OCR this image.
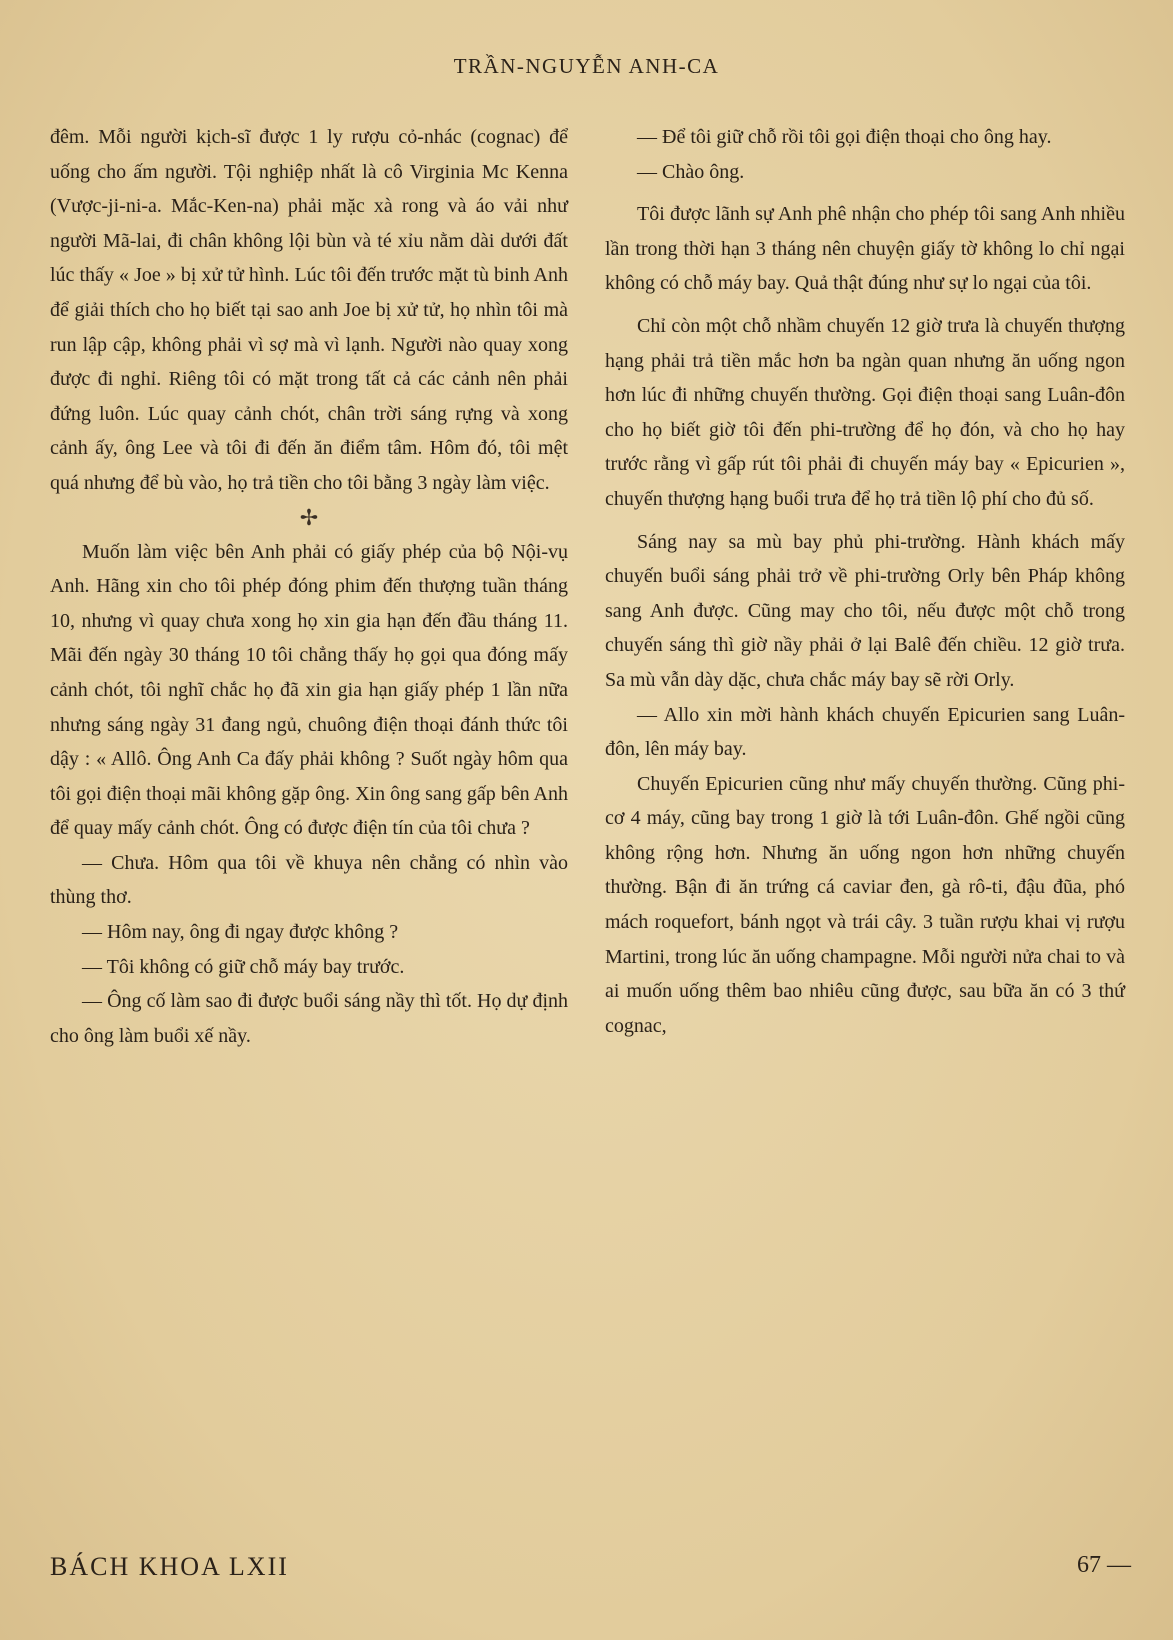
TRẦN-NGUYỄN ANH-CA

đêm. Mỗi người kịch-sĩ được 1 ly rượu cỏ-nhác (cognac) để uống cho ấm người. Tội nghiệp nhất là cô Virginia Mc Kenna (Vược-ji-ni-a. Mắc-Ken-na) phải mặc xà rong và áo vải như người Mã-lai, đi chân không lội bùn và té xỉu nằm dài dưới đất lúc thấy « Joe » bị xử tử hình. Lúc tôi đến trước mặt tù binh Anh để giải thích cho họ biết tại sao anh Joe bị xử tử, họ nhìn tôi mà run lập cập, không phải vì sợ mà vì lạnh. Người nào quay xong được đi nghỉ. Riêng tôi có mặt trong tất cả các cảnh nên phải đứng luôn. Lúc quay cảnh chót, chân trời sáng rựng và xong cảnh ấy, ông Lee và tôi đi đến ăn điểm tâm. Hôm đó, tôi mệt quá nhưng để bù vào, họ trả tiền cho tôi bằng 3 ngày làm việc.

✢

Muốn làm việc bên Anh phải có giấy phép của bộ Nội-vụ Anh. Hãng xin cho tôi phép đóng phim đến thượng tuần tháng 10, nhưng vì quay chưa xong họ xin gia hạn đến đầu tháng 11. Mãi đến ngày 30 tháng 10 tôi chẳng thấy họ gọi qua đóng mấy cảnh chót, tôi nghĩ chắc họ đã xin gia hạn giấy phép 1 lần nữa nhưng sáng ngày 31 đang ngủ, chuông điện thoại đánh thức tôi dậy : « Allô. Ông Anh Ca đấy phải không ? Suốt ngày hôm qua tôi gọi điện thoại mãi không gặp ông. Xin ông sang gấp bên Anh để quay mấy cảnh chót. Ông có được điện tín của tôi chưa ?

— Chưa. Hôm qua tôi về khuya nên chẳng có nhìn vào thùng thơ.

— Hôm nay, ông đi ngay được không ?

— Tôi không có giữ chỗ máy bay trước.

— Ông cố làm sao đi được buổi sáng nầy thì tốt. Họ dự định cho ông làm buổi xế nầy.

— Để tôi giữ chỗ rồi tôi gọi điện thoại cho ông hay.

— Chào ông.

Tôi được lãnh sự Anh phê nhận cho phép tôi sang Anh nhiều lần trong thời hạn 3 tháng nên chuyện giấy tờ không lo chỉ ngại không có chỗ máy bay. Quả thật đúng như sự lo ngại của tôi.

Chỉ còn một chỗ nhầm chuyến 12 giờ trưa là chuyến thượng hạng phải trả tiền mắc hơn ba ngàn quan nhưng ăn uống ngon hơn lúc đi những chuyến thường. Gọi điện thoại sang Luân-đôn cho họ biết giờ tôi đến phi-trường để họ đón, và cho họ hay trước rằng vì gấp rút tôi phải đi chuyến máy bay « Epicurien », chuyến thượng hạng buổi trưa để họ trả tiền lộ phí cho đủ số.

Sáng nay sa mù bay phủ phi-trường. Hành khách mấy chuyến buổi sáng phải trở về phi-trường Orly bên Pháp không sang Anh được. Cũng may cho tôi, nếu được một chỗ trong chuyến sáng thì giờ nầy phải ở lại Balê đến chiều. 12 giờ trưa. Sa mù vẫn dày dặc, chưa chắc máy bay sẽ rời Orly.

— Allo xin mời hành khách chuyến Epicurien sang Luân-đôn, lên máy bay.

Chuyến Epicurien cũng như mấy chuyến thường. Cũng phi-cơ 4 máy, cũng bay trong 1 giờ là tới Luân-đôn. Ghế ngồi cũng không rộng hơn. Nhưng ăn uống ngon hơn những chuyến thường. Bận đi ăn trứng cá caviar đen, gà rô-ti, đậu đũa, phó mách roquefort, bánh ngọt và trái cây. 3 tuần rượu khai vị rượu Martini, trong lúc ăn uống champagne. Mỗi người nửa chai to và ai muốn uống thêm bao nhiêu cũng được, sau bữa ăn có 3 thứ cognac,

BÁCH KHOA LXII	67 —
